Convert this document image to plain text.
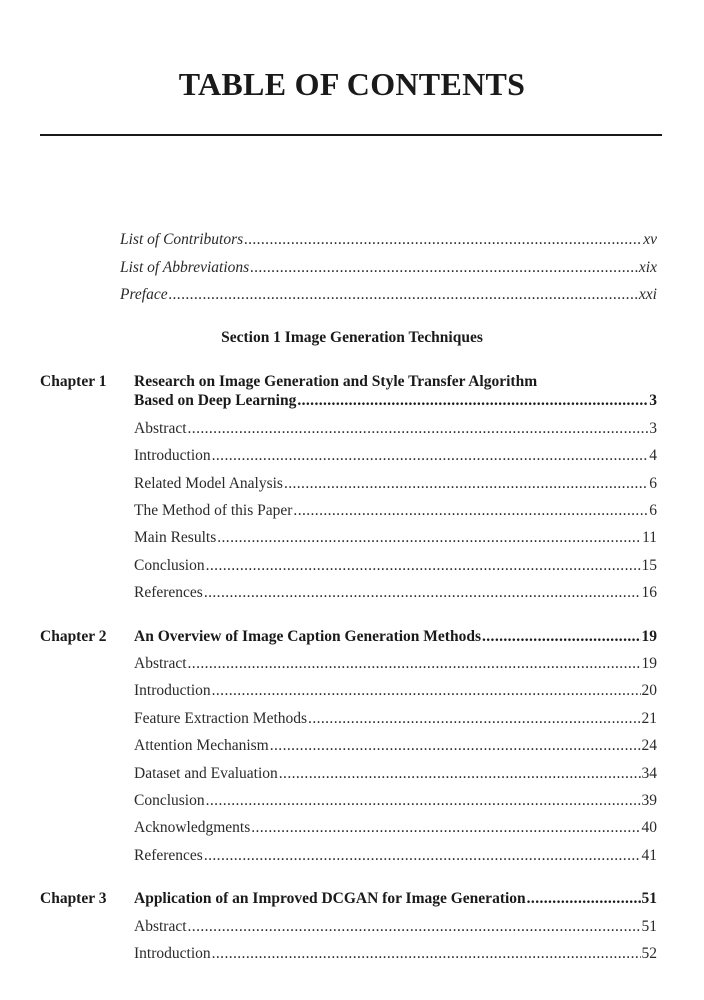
TABLE OF CONTENTS
List of Contributors .....	xv
List of Abbreviations .....	xix
Preface .....	xxi
Section 1 Image Generation Techniques
Chapter 1 Research on Image Generation and Style Transfer Algorithm
Based on Deep Learning .....	3
Abstract .....	3
Introduction .....	4
Related Model Analysis .....	6
The Method of this Paper .....	6
Main Results .....	11
Conclusion .....	15
References .....	16
Chapter 2 An Overview of Image Caption Generation Methods .....	19
Abstract .....	19
Introduction .....	20
Feature Extraction Methods .....	21
Attention Mechanism .....	24
Dataset and Evaluation .....	34
Conclusion .....	39
Acknowledgments .....	40
References .....	41
Chapter 3 Application of an Improved DCGAN for Image Generation .....	51
Abstract .....	51
Introduction .....	52
